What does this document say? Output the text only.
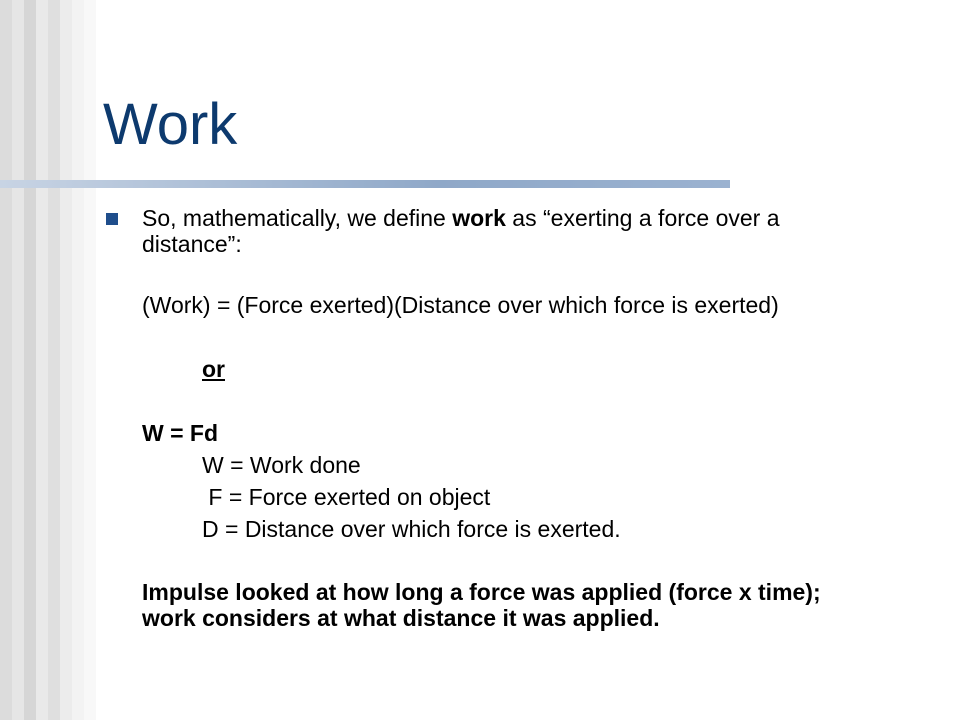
Work
So, mathematically, we define work as “exerting a force over a
distance”:
(Work) = (Force exerted)(Distance over which force is exerted)
or
W = Fd
W = Work done
F = Force exerted on object
D = Distance over which force is exerted.
Impulse looked at how long a force was applied (force x time);
work considers at what distance it was applied.
